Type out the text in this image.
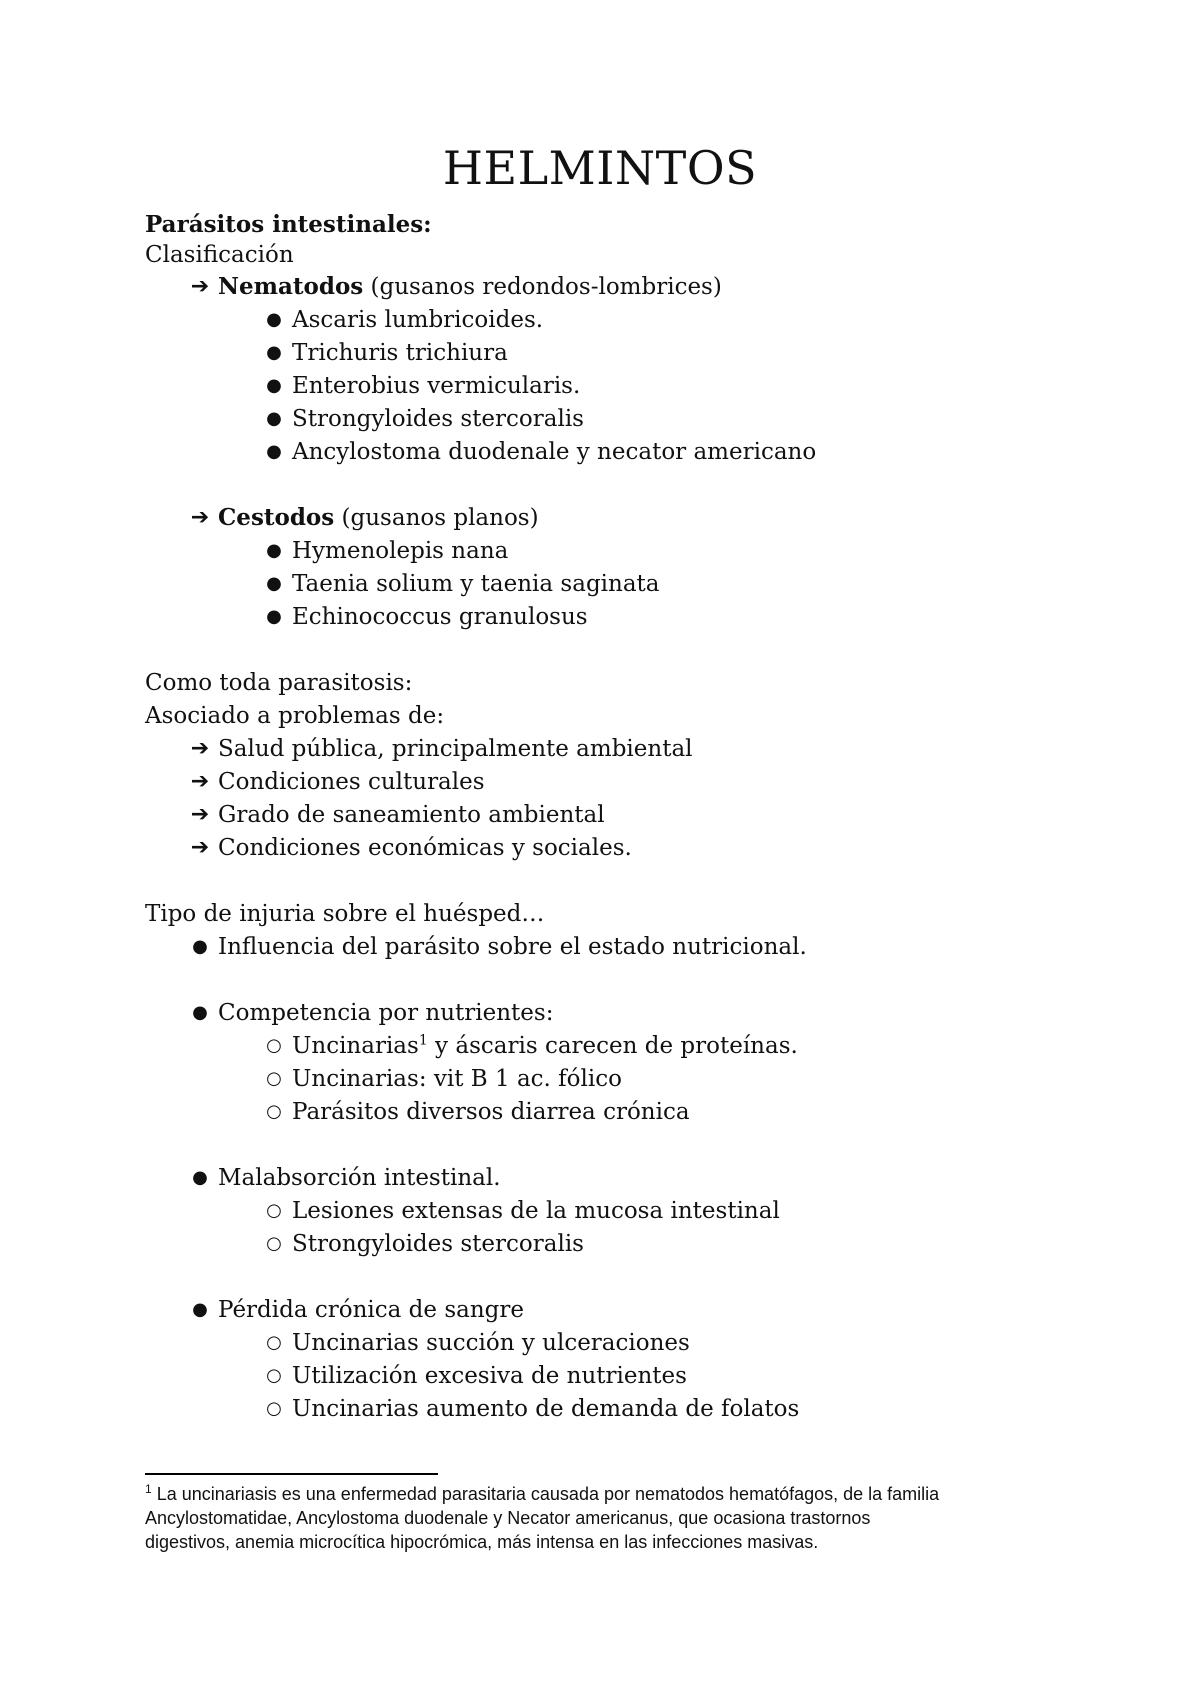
HELMINTOS
Parásitos intestinales:
Clasificación
➔ Nematodos (gusanos redondos-lombrices)
● Ascaris lumbricoides.
● Trichuris trichiura
● Enterobius vermicularis.
● Strongyloides stercoralis
● Ancylostoma duodenale y necator americano
➔ Cestodos (gusanos planos)
● Hymenolepis nana
● Taenia solium y taenia saginata
● Echinococcus granulosus
Como toda parasitosis:
Asociado a problemas de:
➔ Salud pública, principalmente ambiental
➔ Condiciones culturales
➔ Grado de saneamiento ambiental
➔ Condiciones económicas y sociales.
Tipo de injuria sobre el huésped…
● Influencia del parásito sobre el estado nutricional.
● Competencia por nutrientes:
○ Uncinarias$^1$ y áscaris carecen de proteínas.
○ Uncinarias: vit B 1 ac. fólico
○ Parásitos diversos diarrea crónica
● Malabsorción intestinal.
○ Lesiones extensas de la mucosa intestinal
○ Strongyloides stercoralis
● Pérdida crónica de sangre
○ Uncinarias succión y ulceraciones
○ Utilización excesiva de nutrientes
○ Uncinarias aumento de demanda de folatos
$^1$ La uncinariasis es una enfermedad parasitaria causada por nematodos hematófagos, de la familia
Ancylostomatidae, Ancylostoma duodenale y Necator americanus, que ocasiona trastornos
digestivos, anemia microcítica hipocrómica, más intensa en las infecciones masivas.
